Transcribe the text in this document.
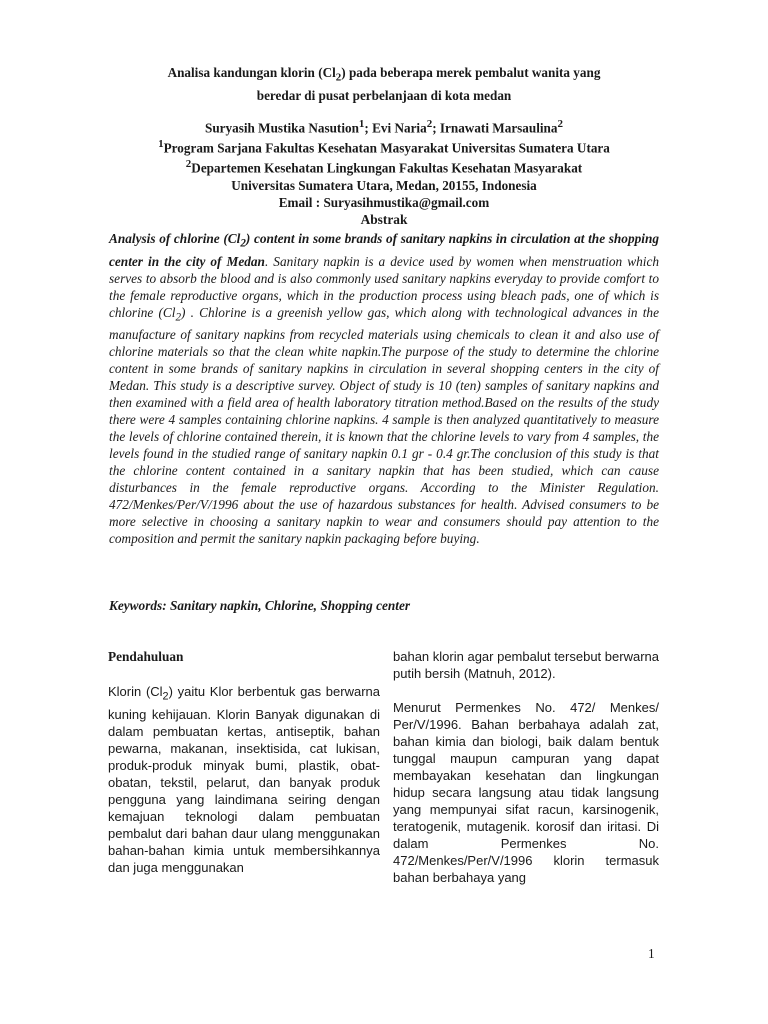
Analisa kandungan klorin $(Cl_2)$ pada beberapa merek pembalut wanita yang
beredar di pusat perbelanjaan di kota medan
Suryasih Mustika Nasution$^1$; Evi Naria$^2$; Irnawati Marsaulina$^2$
$^1$Program Sarjana Fakultas Kesehatan Masyarakat Universitas Sumatera Utara
$^2$Departemen Kesehatan Lingkungan Fakultas Kesehatan Masyarakat
Universitas Sumatera Utara, Medan, 20155, Indonesia
Email : Suryasihmustika@gmail.com
Abstrak
Analysis of chlorine $(Cl_2)$ content in some brands of sanitary napkins in circulation at the shopping center in the city of Medan. Sanitary napkin is a device used by women when menstruation which serves to absorb the blood and is also commonly used sanitary napkins everyday to provide comfort to the female reproductive organs, which in the production process using bleach pads, one of which is chlorine $(Cl_2)$ . Chlorine is a greenish yellow gas, which along with technological advances in the manufacture of sanitary napkins from recycled materials using chemicals to clean it and also use of chlorine materials so that the clean white napkin.The purpose of the study to determine the chlorine content in some brands of sanitary napkins in circulation in several shopping centers in the city of Medan. This study is a descriptive survey. Object of study is 10 (ten) samples of sanitary napkins and then examined with a field area of health laboratory titration method.Based on the results of the study there were 4 samples containing chlorine napkins. 4 sample is then analyzed quantitatively to measure the levels of chlorine contained therein, it is known that the chlorine levels to vary from 4 samples, the levels found in the studied range of sanitary napkin 0.1 gr - 0.4 gr.The conclusion of this study is that the chlorine content contained in a sanitary napkin that has been studied, which can cause disturbances in the female reproductive organs. According to the Minister Regulation. 472/Menkes/Per/V/1996 about the use of hazardous substances for health. Advised consumers to be more selective in choosing a sanitary napkin to wear and consumers should pay attention to the composition and permit the sanitary napkin packaging before buying.
Keywords: Sanitary napkin, Chlorine, Shopping center
Pendahuluan

Klorin $(Cl_2)$ yaitu Klor berbentuk gas berwarna kuning kehijauan. Klorin Banyak digunakan di dalam pembuatan kertas, antiseptik, bahan pewarna, makanan, insektisida, cat lukisan, produk-produk minyak bumi, plastik, obat-obatan, tekstil, pelarut, dan banyak produk pengguna yang laindimana seiring dengan kemajuan teknologi dalam pembuatan pembalut dari bahan daur ulang menggunakan bahan-bahan kimia untuk membersihkannya dan juga menggunakan

bahan klorin agar pembalut tersebut berwarna putih bersih (Matnuh, 2012).

Menurut Permenkes No. 472/ Menkes/ Per/V/1996. Bahan berbahaya adalah zat, bahan kimia dan biologi, baik dalam bentuk tunggal maupun campuran yang dapat membayakan kesehatan dan lingkungan hidup secara langsung atau tidak langsung yang mempunyai sifat racun, karsinogenik, teratogenik, mutagenik. korosif dan iritasi. Di dalam Permenkes No. 472/Menkes/Per/V/1996 klorin termasuk bahan berbahaya yang

1
